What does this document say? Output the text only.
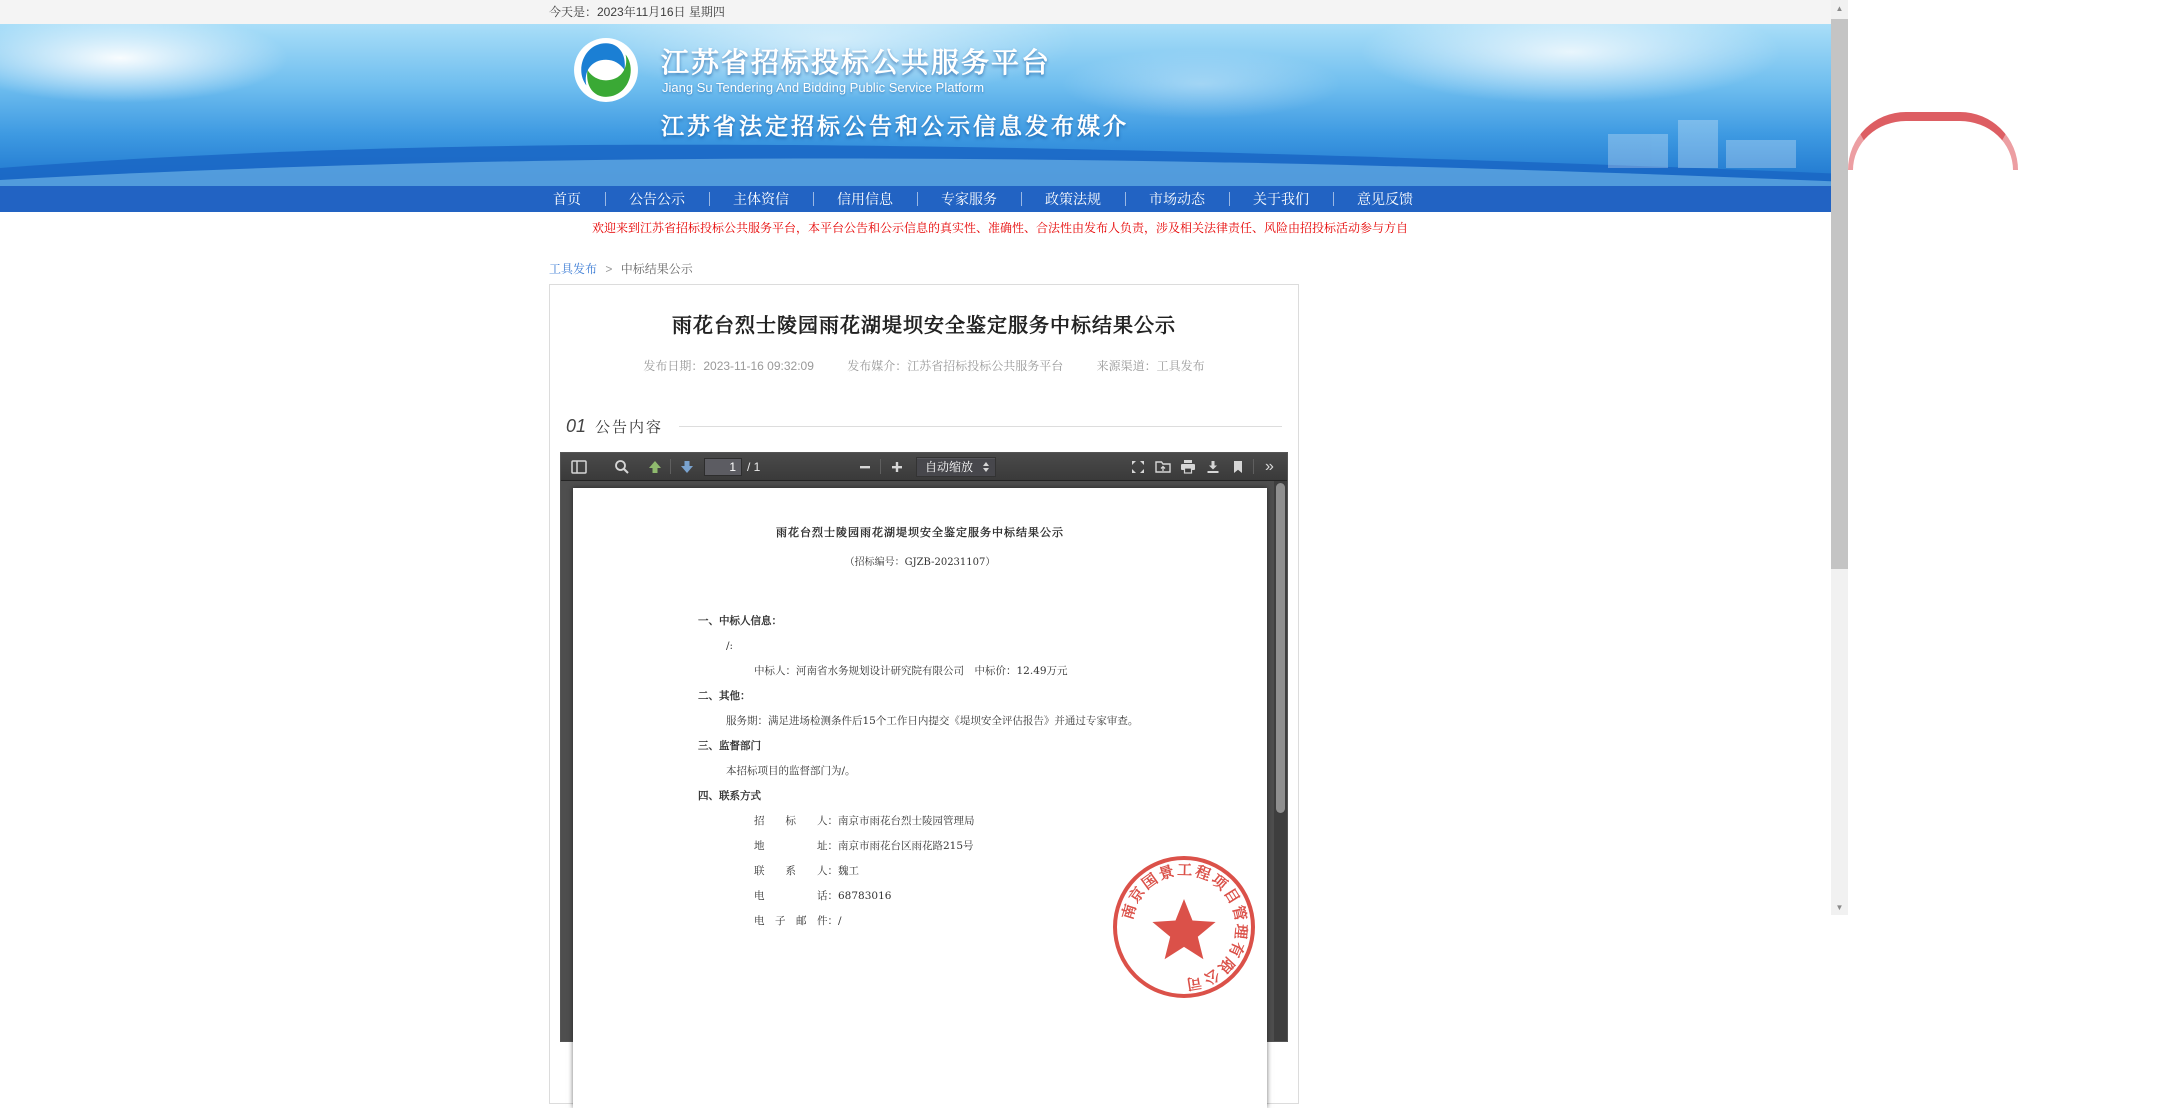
今天是：2023年11月16日 星期四
江苏省招标投标公共服务平台
Jiang Su Tendering And Bidding Public Service Platform
江苏省法定招标公告和公示信息发布媒介
首页	公告公示	主体资信	信用信息	专家服务	政策法规	市场动态	关于我们	意见反馈
欢迎来到江苏省招标投标公共服务平台，本平台公告和公示信息的真实性、准确性、合法性由发布人负责，涉及相关法律责任、风险由招投标活动参与方自
工具发布 > 中标结果公示
雨花台烈士陵园雨花湖堤坝安全鉴定服务中标结果公示
发布日期：2023-11-16 09:32:09	发布媒介：江苏省招标投标公共服务平台	来源渠道：工具发布
01 公告内容
1
/ 1	自动缩放	»
雨花台烈士陵园雨花湖堤坝安全鉴定服务中标结果公示
（招标编号：GJZB-20231107）
一、中标人信息：
/:
中标人：河南省水务规划设计研究院有限公司　中标价：12.49万元
二、其他：
服务期：满足进场检测条件后15个工作日内提交《堤坝安全评估报告》并通过专家审查。
三、监督部门
本招标项目的监督部门为/。
四、联系方式
招　　标　　人：南京市雨花台烈士陵园管理局
地　　　　　址：南京市雨花台区雨花路215号
联　　系　　人：魏工
电　　　　　话：68783016
电　子　邮　件：/	南京国景工程项目管理有限公司
▲
▼
